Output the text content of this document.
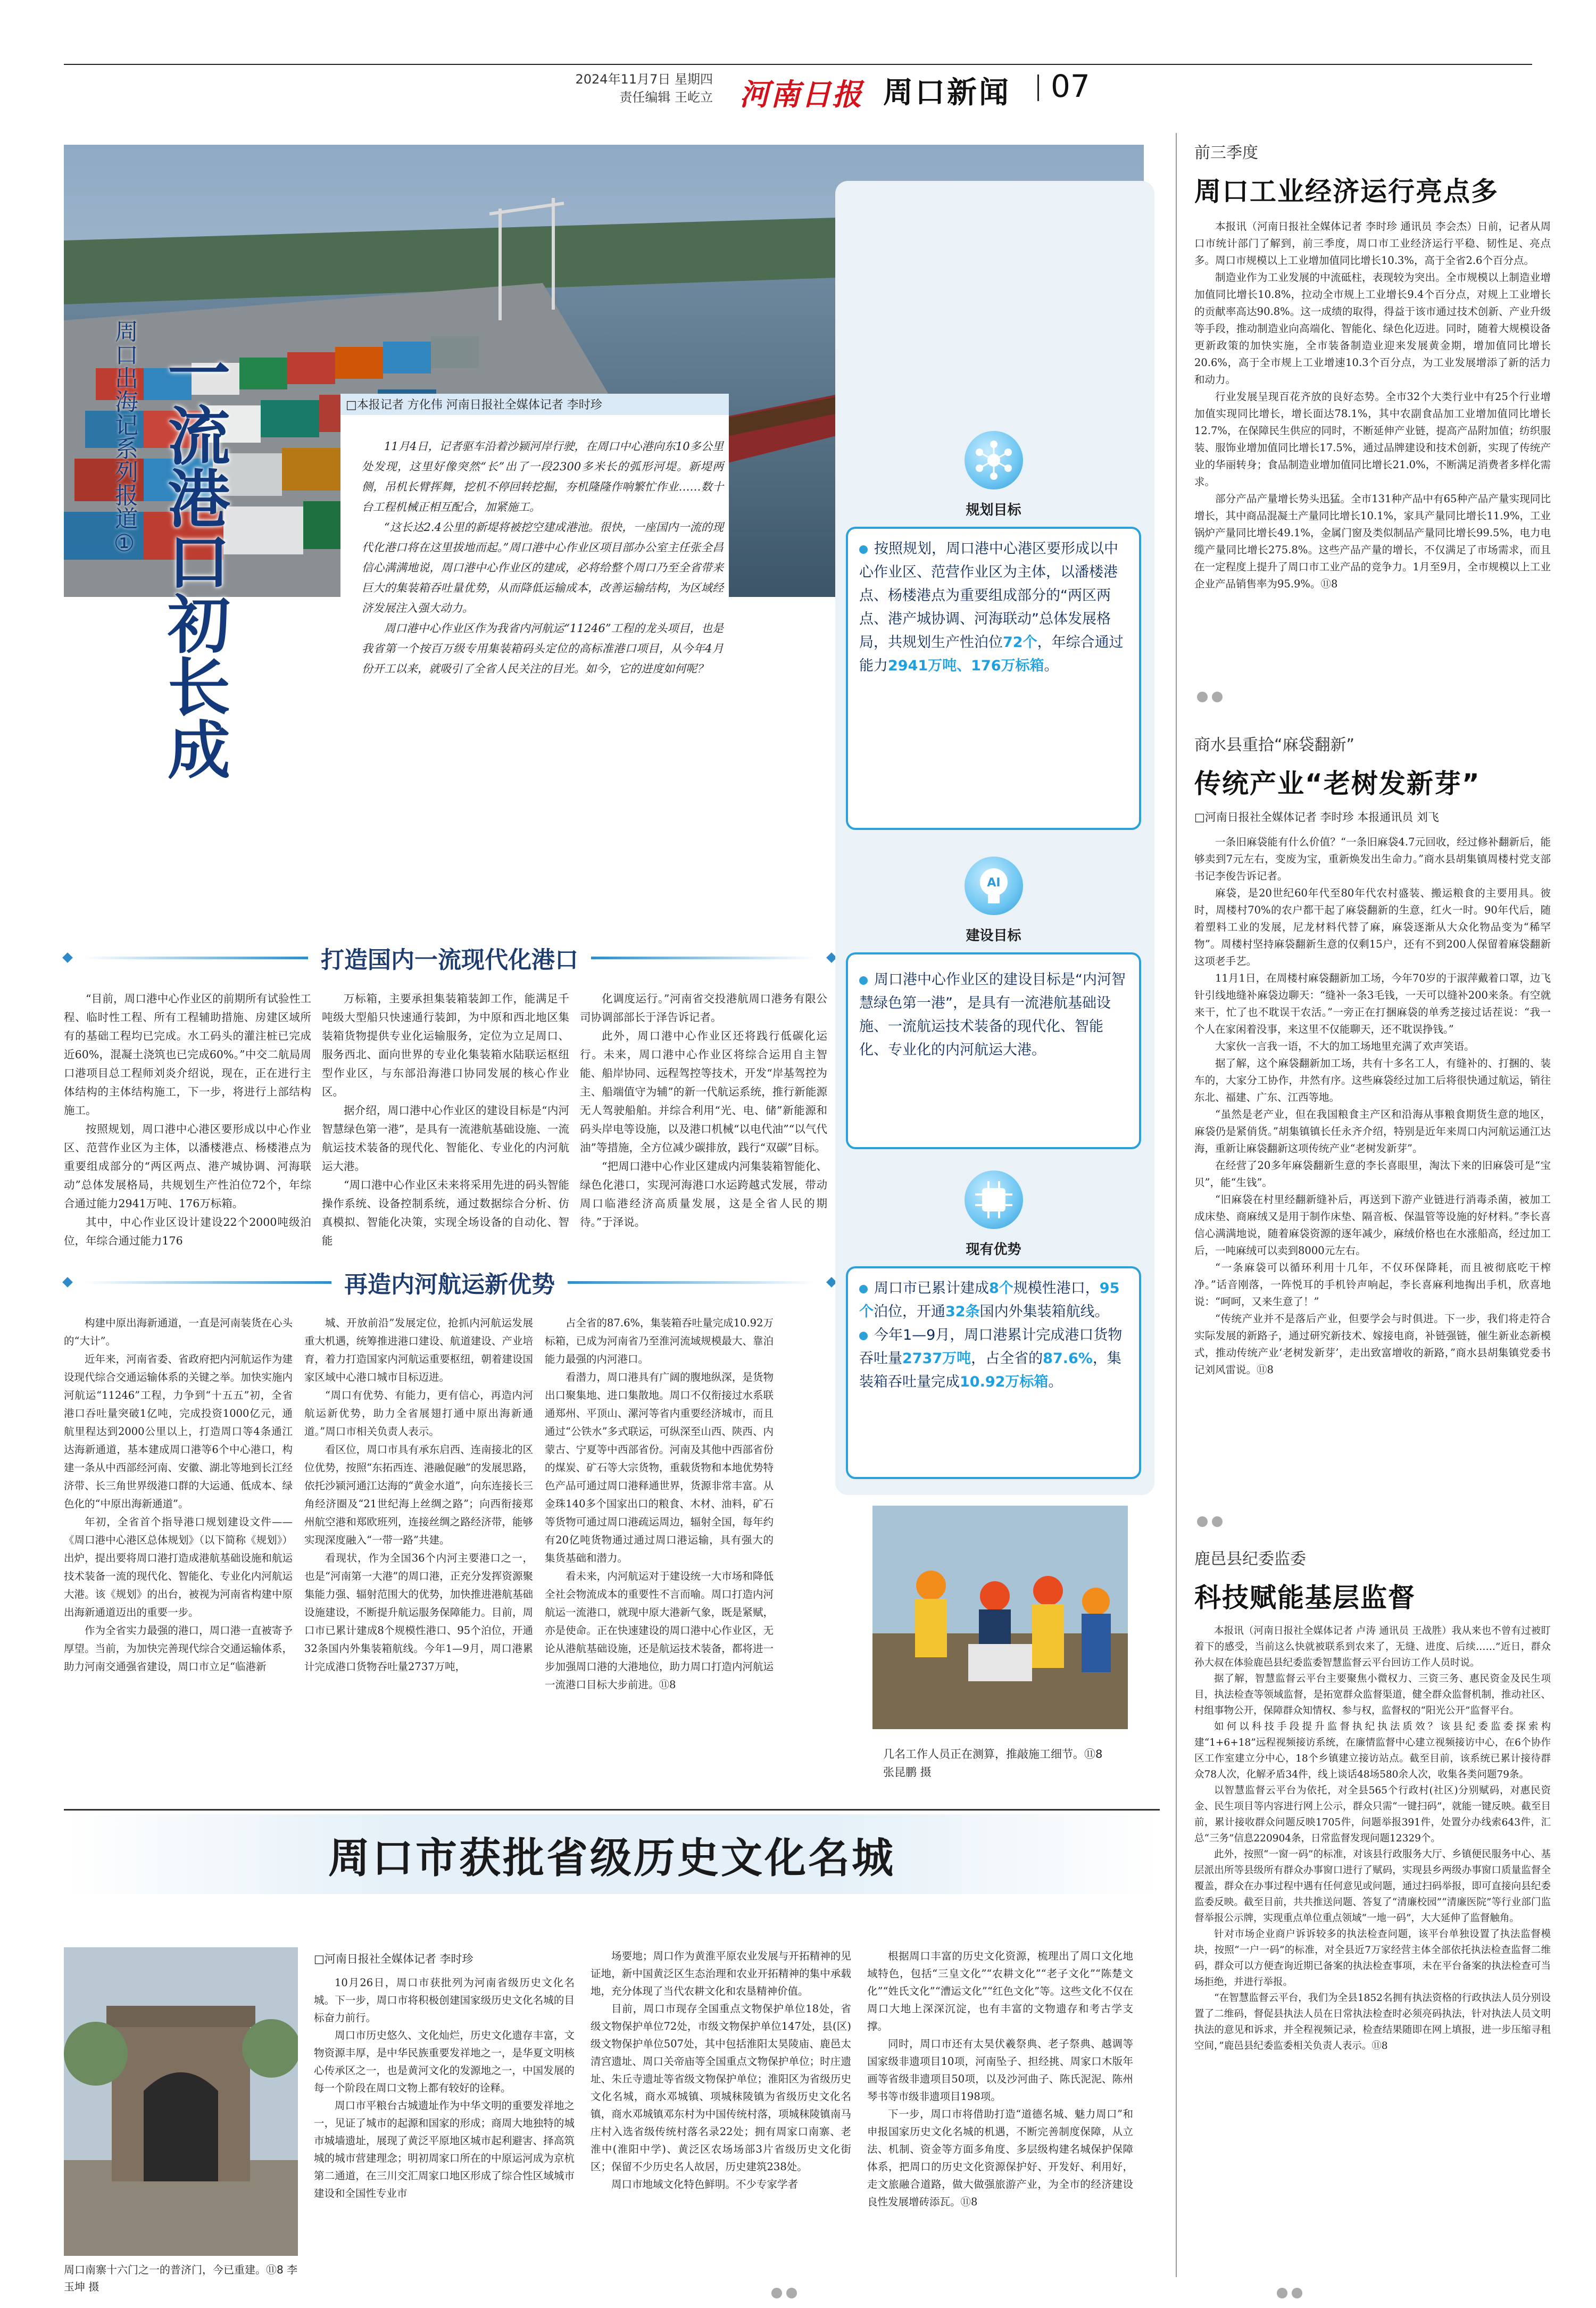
2024年11月7日 星期四
责任编辑 王屹立 河南日报 周口新闻 07
一流港口初长成
周口出海记系列报道①	□本报记者 方化伟 河南日报社全媒体记者 李时珍

11月4日，记者驱车沿着沙颍河岸行驶，在周口中心港向东10多公里处发现，这里好像突然“长”出了一段2300多米长的弧形河堤。新堤两侧，吊机长臂挥舞，挖机不停回转挖掘，夯机隆隆作响繁忙作业……数十台工程机械正相互配合，加紧施工。

“这长达2.4公里的新堤将被挖空建成港池。很快，一座国内一流的现代化港口将在这里拔地而起。”周口港中心作业区项目部办公室主任张全昌信心满满地说，周口港中心作业区的建成，必将给整个周口乃至全省带来巨大的集装箱吞吐量优势，从而降低运输成本，改善运输结构，为区域经济发展注入强大动力。

周口港中心作业区作为我省内河航运“11246”工程的龙头项目，也是我省第一个按百万级专用集装箱码头定位的高标准港口项目，从今年4月份开工以来，就吸引了全省人民关注的目光。如今，它的进度如何呢？

打造国内一流现代化港口

“目前，周口港中心作业区的前期所有试验性工程、临时性工程、所有工程辅助措施、房建区域所有的基础工程均已完成。水工码头的灌注桩已完成近60%，混凝土浇筑也已完成60%。”中交二航局周口港项目总工程师刘炎介绍说，现在，正在进行主体结构的主体结构施工，下一步，将进行上部结构施工。

按照规划，周口港中心港区要形成以中心作业区、范营作业区为主体，以潘楼港点、杨楼港点为重要组成部分的“两区两点、港产城协调、河海联动”总体发展格局，共规划生产性泊位72个，年综合通过能力2941万吨、176万标箱。

其中，中心作业区设计建设22个2000吨级泊位，年综合通过能力176

万标箱，主要承担集装箱装卸工作，能满足千吨级大型船只快速通行装卸，为中原和西北地区集装箱货物提供专业化运输服务，定位为立足周口、服务西北、面向世界的专业化集装箱水陆联运枢纽型作业区，与东部沿海港口协同发展的核心作业区。

据介绍，周口港中心作业区的建设目标是“内河智慧绿色第一港”，是具有一流港航基础设施、一流航运技术装备的现代化、智能化、专业化的内河航运大港。

“周口港中心作业区未来将采用先进的码头智能操作系统、设备控制系统，通过数据综合分析、仿真模拟、智能化决策，实现全场设备的自动化、智能

化调度运行。”河南省交投港航周口港务有限公司协调部部长于泽告诉记者。

此外，周口港中心作业区还将践行低碳化运行。未来，周口港中心作业区将综合运用自主智能、船岸协同、远程驾控等技术，开发“岸基驾控为主、船端值守为辅”的新一代航运系统，推行新能源无人驾驶船舶。并综合利用“光、电、储”新能源和码头岸电等设施，以及港口机械“以电代油”“以气代油”等措施，全方位减少碳排放，践行“双碳”目标。

“把周口港中心作业区建成内河集装箱智能化、绿色化港口，实现河海港口水运跨越式发展，带动周口临港经济高质量发展，这是全省人民的期待。”于泽说。

再造内河航运新优势

构建中原出海新通道，一直是河南装货在心头的“大计”。

近年来，河南省委、省政府把内河航运作为建设现代综合交通运输体系的关键之举。加快实施内河航运“11246”工程，力争到“十五五”初，全省港口吞吐量突破1亿吨，完成投资1000亿元，通航里程达到2000公里以上，打造周口等4条通江达海新通道，基本建成周口港等6个中心港口，构建一条从中西部经河南、安徽、湖北等地到长江经济带、长三角世界级港口群的大运通、低成本、绿色化的“中原出海新通道”。

年初，全省首个指导港口规划建设文件——《周口港中心港区总体规划》（以下简称《规划》）出炉，提出要将周口港打造成港航基础设施和航运技术装备一流的现代化、智能化、专业化内河航运大港。该《规划》的出台，被视为河南省构建中原出海新通道迈出的重要一步。

作为全省实力最强的港口，周口港一直被寄予厚望。当前，为加快完善现代综合交通运输体系，助力河南交通强省建设，周口市立足“临港新

城、开放前沿”发展定位，抢抓内河航运发展重大机遇，统筹推进港口建设、航道建设、产业培育，着力打造国家内河航运重要枢纽，朝着建设国家区域中心港口城市目标迈进。

“周口有优势、有能力，更有信心，再造内河航运新优势，助力全省展翅打通中原出海新通道。”周口市相关负责人表示。

看区位，周口市具有承东启西、连南接北的区位优势，按照“东拓西连、港融促融”的发展思路，依托沙颍河通江达海的“黄金水道”，向东连接长三角经济圈及“21世纪海上丝绸之路”；向西衔接郑州航空港和郑欧班列，连接丝绸之路经济带，能够实现深度融入“一带一路”共建。

看现状，作为全国36个内河主要港口之一，也是“河南第一大港”的周口港，正充分发挥资源聚集能力强、辐射范围大的优势，加快推进港航基础设施建设，不断提升航运服务保障能力。目前，周口市已累计建成8个规模性港口、95个泊位，开通32条国内外集装箱航线。今年1—9月，周口港累计完成港口货物吞吐量2737万吨，

占全省的87.6%，集装箱吞吐量完成10.92万标箱，已成为河南省乃至淮河流域规模最大、靠泊能力最强的内河港口。

看潜力，周口港具有广阔的腹地纵深，是货物出口聚集地、进口集散地。周口不仅衔接过水系联通郑州、平顶山、漯河等省内重要经济城市，而且通过“公铁水”多式联运，可纵深至山西、陕西、内蒙古、宁夏等中西部省份。河南及其他中西部省份的煤炭、矿石等大宗货物，重载货物和本地优势特色产品可通过周口港释通世界，货源非常丰富。从金珠140多个国家出口的粮食、木材、油料，矿石等货物可通过周口港疏运周边，辐射全国，每年约有20亿吨货物通过通过周口港运输，具有强大的集货基础和潜力。

看未来，内河航运对于建设统一大市场和降低全社会物流成本的重要性不言而喻。周口打造内河航运一流港口，就现中原大港新气象，既是紧赋，亦是使命。正在快速建设的周口港中心作业区，无论从港航基础设施，还是航运技术装备，都将进一步加强周口港的大港地位，助力周口打造内河航运一流港口目标大步前进。⑪8

几名工作人员正在测算，推敲施工细节。⑪8 张昆鹏 摄
规划目标
按照规划，周口港中心港区要形成以中心作业区、范营作业区为主体，以潘楼港点、杨楼港点为重要组成部分的“两区两点、港产城协调、河海联动”总体发展格局，共规划生产性泊位72个，年综合通过能力2941万吨、176万标箱。
AI
建设目标
周口港中心作业区的建设目标是“内河智慧绿色第一港”，是具有一流港航基础设施、一流航运技术装备的现代化、智能化、专业化的内河航运大港。
现有优势
周口市已累计建成8个规模性港口，95个泊位，开通32条国内外集装箱航线。
今年1—9月，周口港累计完成港口货物吞吐量2737万吨，占全省的87.6%，集装箱吞吐量完成10.92万标箱。
周口市获批省级历史文化名城
周口南寨十六门之一的普济门，今已重建。⑪8 李玉坤 摄
□河南日报社全媒体记者 李时珍

10月26日，周口市获批列为河南省级历史文化名城。下一步，周口市将积极创建国家级历史文化名城的目标奋力前行。

周口市历史悠久、文化灿烂，历史文化遗存丰富，文物资源丰厚，是中华民族重要发祥地之一，是华夏文明核心传承区之一，也是黄河文化的发源地之一，中国发展的每一个阶段在周口文物上都有较好的诠释。

周口市平粮台古城遗址作为中华文明的重要发祥地之一，见证了城市的起源和国家的形成；商周大地独特的城市城墙遗址，展现了黄泛平原地区城市起利避害、择高筑城的城市营建理念；明初周家口所在的中原运河成为京杭第二通道，在三川交汇周家口地区形成了综合性区域城市建设和全国性专业市

场要地；周口作为黄淮平原农业发展与开拓精神的见证地，新中国黄泛区生态治理和农业开拓精神的集中承载地，充分体现了当代农耕文化和农垦精神价值。

目前，周口市现存全国重点文物保护单位18处，省级文物保护单位72处，市级文物保护单位147处，县(区)级文物保护单位507处，其中包括淮阳太昊陵庙、鹿邑太清宫遗址、周口关帝庙等全国重点文物保护单位；时庄遗址、朱丘寺遗址等省级文物保护单位；淮阳区为省级历史文化名城，商水邓城镇、项城秣陵镇为省级历史文化名镇，商水邓城镇邓东村为中国传统村落，项城秣陵镇南马庄村入选省级传统村落名录22处；拥有周家口南寨、老淮中(淮阳中学)、黄泛区农场场部3片省级历史文化街区；保留不少历史名人故居，历史建筑238处。

周口市地域文化特色鲜明。不少专家学者

根据周口丰富的历史文化资源，梳理出了周口文化地域特色，包括“三皇文化”“农耕文化”“老子文化”“陈楚文化”“姓氏文化”“漕运文化”“红色文化”等。这些文化不仅在周口大地上深深沉淀，也有丰富的文物遗存和考古学支撑。

同时，周口市还有太昊伏羲祭典、老子祭典、越调等国家级非遗项目10项，河南坠子、担经挑、周家口木版年画等省级非遗项目50项，以及沙河曲子、陈氏泥泥、陈州琴书等市级非遗项目198项。

下一步，周口市将借助打造“道德名城、魅力周口”和申报国家历史文化名城的机遇，不断完善制度保障，从立法、机制、资金等方面多角度、多层级构建名城保护保障体系，把周口的历史文化资源保护好、开发好、利用好，走文旅融合道路，做大做强旅游产业，为全市的经济建设良性发展增砖添瓦。⑪8

前三季度
周口工业经济运行亮点多

本报讯（河南日报社全媒体记者 李时珍 通讯员 李会杰）日前，记者从周口市统计部门了解到，前三季度，周口市工业经济运行平稳、韧性足、亮点多。周口市规模以上工业增加值同比增长10.3%，高于全省2.6个百分点。

制造业作为工业发展的中流砥柱，表现较为突出。全市规模以上制造业增加值同比增长10.8%，拉动全市规上工业增长9.4个百分点，对规上工业增长的贡献率高达90.8%。这一成绩的取得，得益于该市通过技术创新、产业升级等手段，推动制造业向高端化、智能化、绿色化迈进。同时，随着大规模设备更新政策的加快实施，全市装备制造业迎来发展黄金期，增加值同比增长20.6%，高于全市规上工业增速10.3个百分点，为工业发展增添了新的活力和动力。

行业发展呈现百花齐放的良好态势。全市32个大类行业中有25个行业增加值实现同比增长，增长面达78.1%，其中农副食品加工业增加值同比增长12.7%，在保障民生供应的同时，不断延伸产业链，提高产品附加值；纺织服装、服饰业增加值同比增长17.5%，通过品牌建设和技术创新，实现了传统产业的华丽转身；食品制造业增加值同比增长21.0%，不断满足消费者多样化需求。

部分产品产量增长势头迅猛。全市131种产品中有65种产品产量实现同比增长，其中商品混凝土产量同比增长10.1%，家具产量同比增长11.9%，工业锅炉产量同比增长49.1%，金属门窗及类似制品产量同比增长99.5%，电力电缆产量同比增长275.8%。这些产品产量的增长，不仅满足了市场需求，而且在一定程度上提升了周口市工业产品的竞争力。1月至9月，全市规模以上工业企业产品销售率为95.9%。⑪8

商水县重拾“麻袋翻新”
传统产业“老树发新芽”
□河南日报社全媒体记者 李时珍 本报通讯员 刘飞

一条旧麻袋能有什么价值？“一条旧麻袋4.7元回收，经过修补翻新后，能够卖到7元左右，变废为宝，重新焕发出生命力。”商水县胡集镇周楼村党支部书记李俊告诉记者。

麻袋，是20世纪60年代至80年代农村盛装、搬运粮食的主要用具。彼时，周楼村70%的农户都干起了麻袋翻新的生意，红火一时。90年代后，随着塑料工业的发展，尼龙材料代替了麻，麻袋逐渐从大众化物品变为“稀罕物”。周楼村坚持麻袋翻新生意的仅剩15户，还有不到200人保留着麻袋翻新这项老手艺。

11月1日，在周楼村麻袋翻新加工场，今年70岁的于淑萍戴着口罩，边飞针引线地缝补麻袋边聊天：“缝补一条3毛钱，一天可以缝补200来条。有空就来干，忙了也不耽误干农活。”一旁正在打捆麻袋的单秀芝接过话茬说：“我一个人在家闲着没事，来这里不仅能聊天，还不耽误挣钱。”

大家伙一言我一语，不大的加工场地里充满了欢声笑语。

据了解，这个麻袋翻新加工场，共有十多名工人，有缝补的、打捆的、装车的，大家分工协作，井然有序。这些麻袋经过加工后将很快通过航运，销往东北、福建、广东、江西等地。

“虽然是老产业，但在我国粮食主产区和沿海从事粮食期货生意的地区，麻袋仍是紧俏货。”胡集镇镇长任永齐介绍，特别是近年来周口内河航运通江达海，重新让麻袋翻新这项传统产业“老树发新芽”。

在经营了20多年麻袋翻新生意的李长喜眼里，淘汰下来的旧麻袋可是“宝贝”，能“生钱”。

“旧麻袋在村里经翻新缝补后，再送到下游产业链进行消毒杀菌，被加工成床垫、商麻绒又是用于制作床垫、隔音板、保温管等设施的好材料。”李长喜信心满满地说，随着麻袋资源的逐年减少，麻绒价格也在水涨船高，经过加工后，一吨麻绒可以卖到8000元左右。

“一条麻袋可以循环利用十几年，不仅环保降耗，而且被彻底吃干榨净。”话音刚落，一阵悦耳的手机铃声响起，李长喜麻利地掏出手机，欣喜地说：“呵呵，又来生意了！”

“传统产业并不是落后产业，但要学会与时俱进。下一步，我们将走符合实际发展的新路子，通过研究新技术、嫁接电商，补链强链，催生新业态新模式，推动传统产业‘老树发新芽’，走出致富增收的新路，”商水县胡集镇党委书记刘风雷说。⑪8

鹿邑县纪委监委
科技赋能基层监督

本报讯（河南日报社全媒体记者 卢涛 通讯员 王战胜）我从来也不曾有过被盯着下的感受，当前这么快就被联系到农来了，无缝、进度、后续……”近日，群众孙大叔在体验鹿邑县纪委监委智慧监督云平台回访工作人员时说。

据了解，智慧监督云平台主要聚焦小微权力、三资三务、惠民资金及民生项目，执法检查等领域监督，是拓宽群众监督渠道，健全群众监督机制，推动社区、村组事物公开，保障群众知情权、参与权，监督权的“阳光公开”监督平台。

如何以科技手段提升监督执纪执法质效？该县纪委监委探索构建“1+6+18”远程视频接访系统，在廉情监督中心建立视频接访中心，在6个协作区工作室建立分中心，18个乡镇建立接访站点。截至目前，该系统已累计接待群众78人次，化解矛盾34件，线上谈话48场580余人次，收集各类问题79条。

以智慧监督云平台为依托，对全县565个行政村(社区)分别赋码，对惠民资金、民生项目等内容进行网上公示，群众只需“一键扫码”，就能一键反映。截至目前，累计接收群众问题反映1705件，问题举报391件，处置分办线索643件，汇总“三务”信息220904条，日常监督发现问题12329个。

此外，按照“一窗一码”的标准，对该县行政服务大厅、乡镇便民服务中心、基层派出所等县级所有群众办事窗口进行了赋码，实现县乡两级办事窗口质量监督全覆盖，群众在办事过程中遇有任何意见或问题，通过扫码举报，即可直接向县纪委监委反映。截至目前，共共推送问题、答复了“清廉校园”“清廉医院”等行业部门监督举报公示牌，实现重点单位重点领域“一地一码”，大大延伸了监督触角。

针对市场企业商户诉诉较多的执法检查问题，该平台单独设置了执法监督模块，按照“一户一码”的标准，对全县近7万家经营主体全部依托执法检查监督二维码，群众可以方便查询近期已备案的执法检查事项，未在平台备案的执法检查可当场拒绝，并进行举报。

“在智慧监督云平台，我们为全县1852名拥有执法资格的行政执法人员分别设置了二维码，督促县执法人员在日常执法检查时必须亮码执法，针对执法人员文明执法的意见和诉求，并全程视频记录，检查结果随即在网上填报，进一步压缩寻租空间，”鹿邑县纪委监委相关负责人表示。⑪8
